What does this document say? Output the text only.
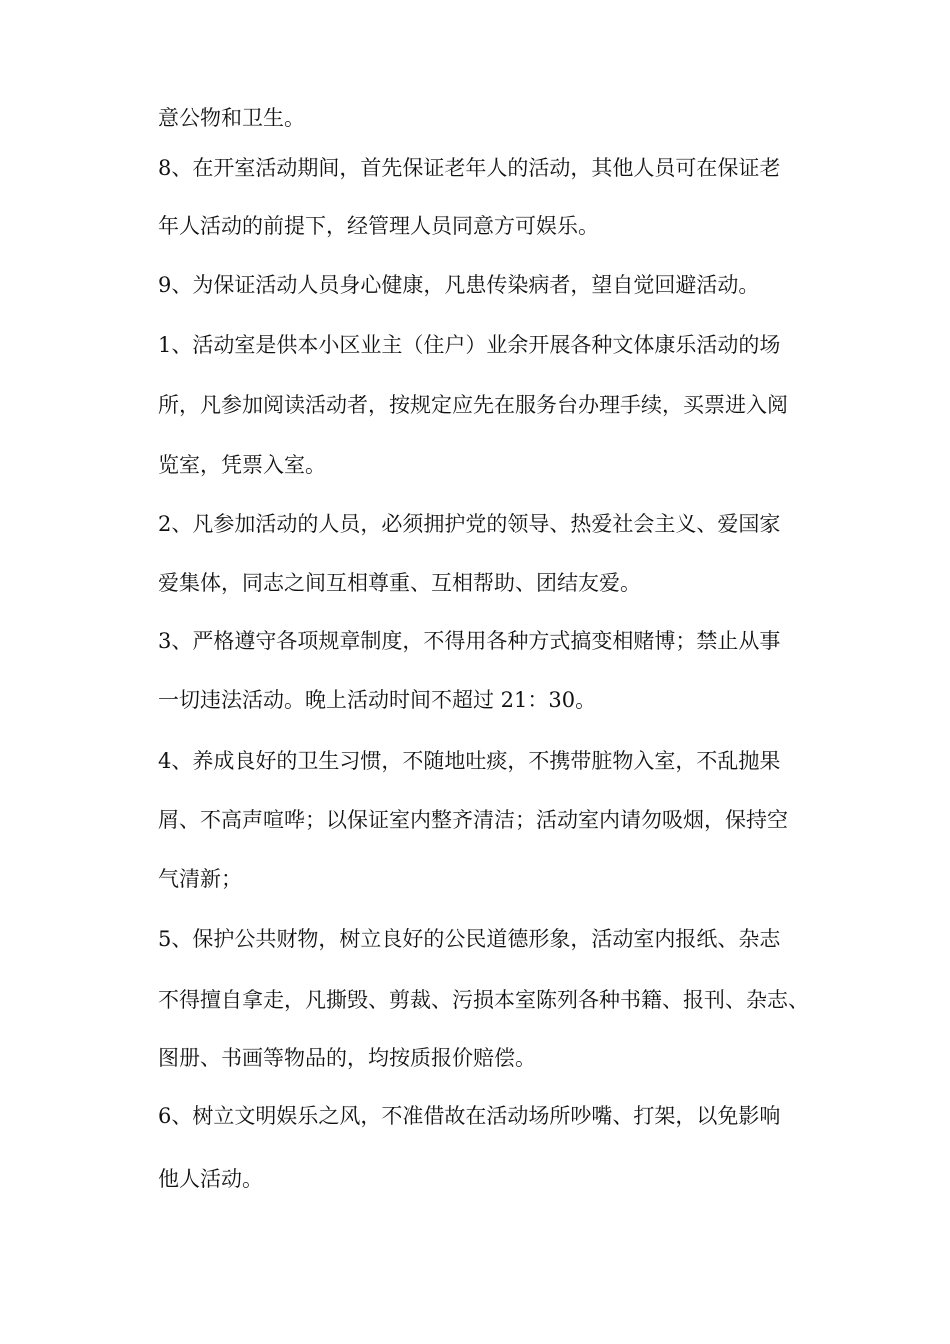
意公物和卫生。
8、在开室活动期间，首先保证老年人的活动，其他人员可在保证老
年人活动的前提下，经管理人员同意方可娱乐。
9、为保证活动人员身心健康，凡患传染病者，望自觉回避活动。
1、活动室是供本小区业主（住户）业余开展各种文体康乐活动的场
所，凡参加阅读活动者，按规定应先在服务台办理手续，买票进入阅
览室，凭票入室。
2、凡参加活动的人员，必须拥护党的领导、热爱社会主义、爱国家
爱集体，同志之间互相尊重、互相帮助、团结友爱。
3、严格遵守各项规章制度，不得用各种方式搞变相赌博；禁止从事
一切违法活动。晚上活动时间不超过 21：30。
4、养成良好的卫生习惯，不随地吐痰，不携带脏物入室，不乱抛果
屑、不高声喧哗；以保证室内整齐清洁；活动室内请勿吸烟，保持空
气清新；
5、保护公共财物，树立良好的公民道德形象，活动室内报纸、杂志
不得擅自拿走，凡撕毁、剪裁、污损本室陈列各种书籍、报刊、杂志、
图册、书画等物品的，均按质报价赔偿。
6、树立文明娱乐之风，不准借故在活动场所吵嘴、打架，以免影响
他人活动。
